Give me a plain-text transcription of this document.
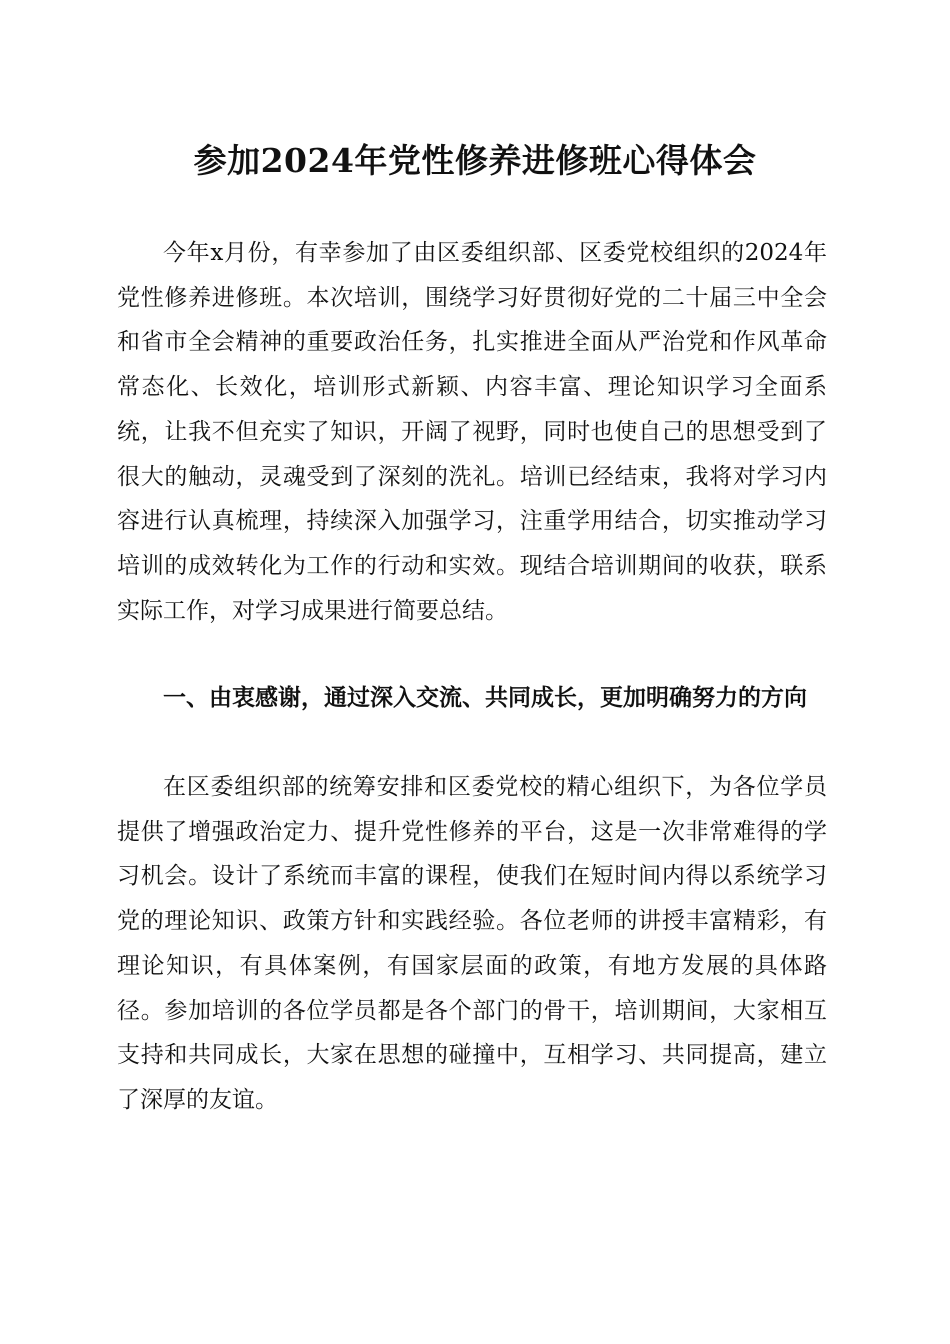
参加2024年党性修养进修班心得体会

今年x月份，有幸参加了由区委组织部、区委党校组织的2024年党性修养进修班。本次培训，围绕学习好贯彻好党的二十届三中全会和省市全会精神的重要政治任务，扎实推进全面从严治党和作风革命常态化、长效化，培训形式新颖、内容丰富、理论知识学习全面系统，让我不但充实了知识，开阔了视野，同时也使自己的思想受到了很大的触动，灵魂受到了深刻的洗礼。培训已经结束，我将对学习内容进行认真梳理，持续深入加强学习，注重学用结合，切实推动学习培训的成效转化为工作的行动和实效。现结合培训期间的收获，联系实际工作，对学习成果进行简要总结。

一、由衷感谢，通过深入交流、共同成长，更加明确努力的方向

在区委组织部的统筹安排和区委党校的精心组织下，为各位学员提供了增强政治定力、提升党性修养的平台，这是一次非常难得的学习机会。设计了系统而丰富的课程，使我们在短时间内得以系统学习党的理论知识、政策方针和实践经验。各位老师的讲授丰富精彩，有理论知识，有具体案例，有国家层面的政策，有地方发展的具体路径。参加培训的各位学员都是各个部门的骨干，培训期间，大家相互支持和共同成长，大家在思想的碰撞中，互相学习、共同提高，建立了深厚的友谊。
